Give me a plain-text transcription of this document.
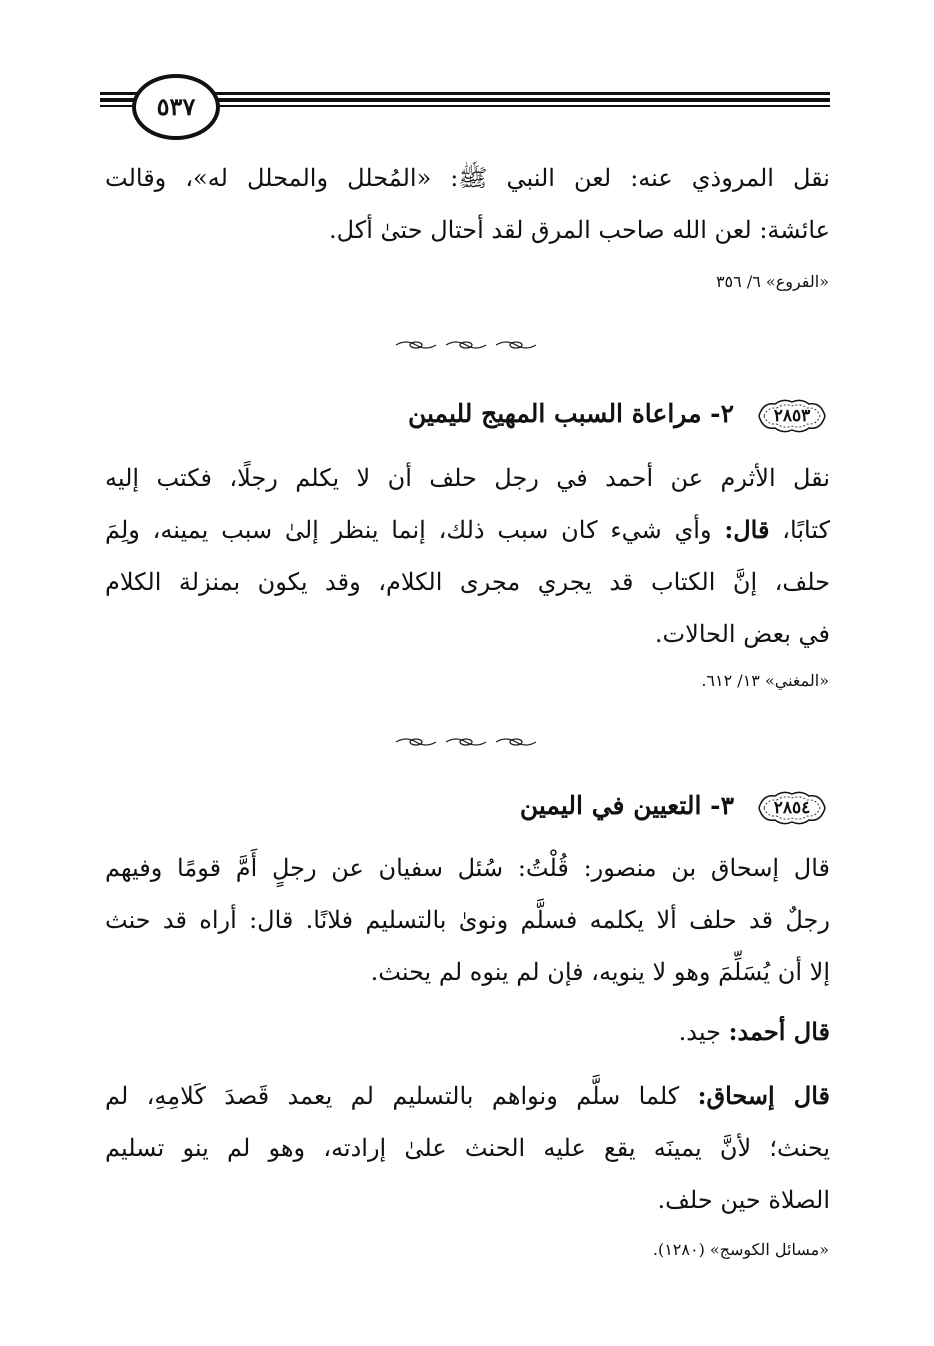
٥٣٧
نقل المروذي عنه: لعن النبي ﷺ: «المُحلل والمحلل له»، وقالت
عائشة: لعن الله صاحب المرق لقد أحتال حتىٰ أكل.
«الفروع» ٦/ ٣٥٦
٢٨٥٣
٢- مراعاة السبب المهيج لليمين
نقل الأثرم عن أحمد في رجل حلف أن لا يكلم رجلًا، فكتب إليه
كتابًا، قال: وأي شيء كان سبب ذلك، إنما ينظر إلىٰ سبب يمينه، ولِمَ
حلف، إنَّ الكتاب قد يجري مجرى الكلام، وقد يكون بمنزلة الكلام
في بعض الحالات.
«المغني» ١٣/ ٦١٢.
٢٨٥٤
٣- التعيين في اليمين
قال إسحاق بن منصور: قُلْتُ: سُئل سفيان عن رجلٍ أَمَّ قومًا وفيهم
رجلٌ قد حلف ألا يكلمه فسلَّم ونوىٰ بالتسليم فلانًا. قال: أراه قد حنث
إلا أن يُسَلِّمَ وهو لا ينويه، فإن لم ينوه لم يحنث.
قال أحمد: جيد.
قال إسحاق: كلما سلَّم ونواهم بالتسليم لم يعمد قَصدَ كَلامِهِ، لم
يحنث؛ لأنَّ يمينَه يقع عليه الحنث علىٰ إرادته، وهو لم ينو تسليم
الصلاة حين حلف.
«مسائل الكوسج» (١٢٨٠).
